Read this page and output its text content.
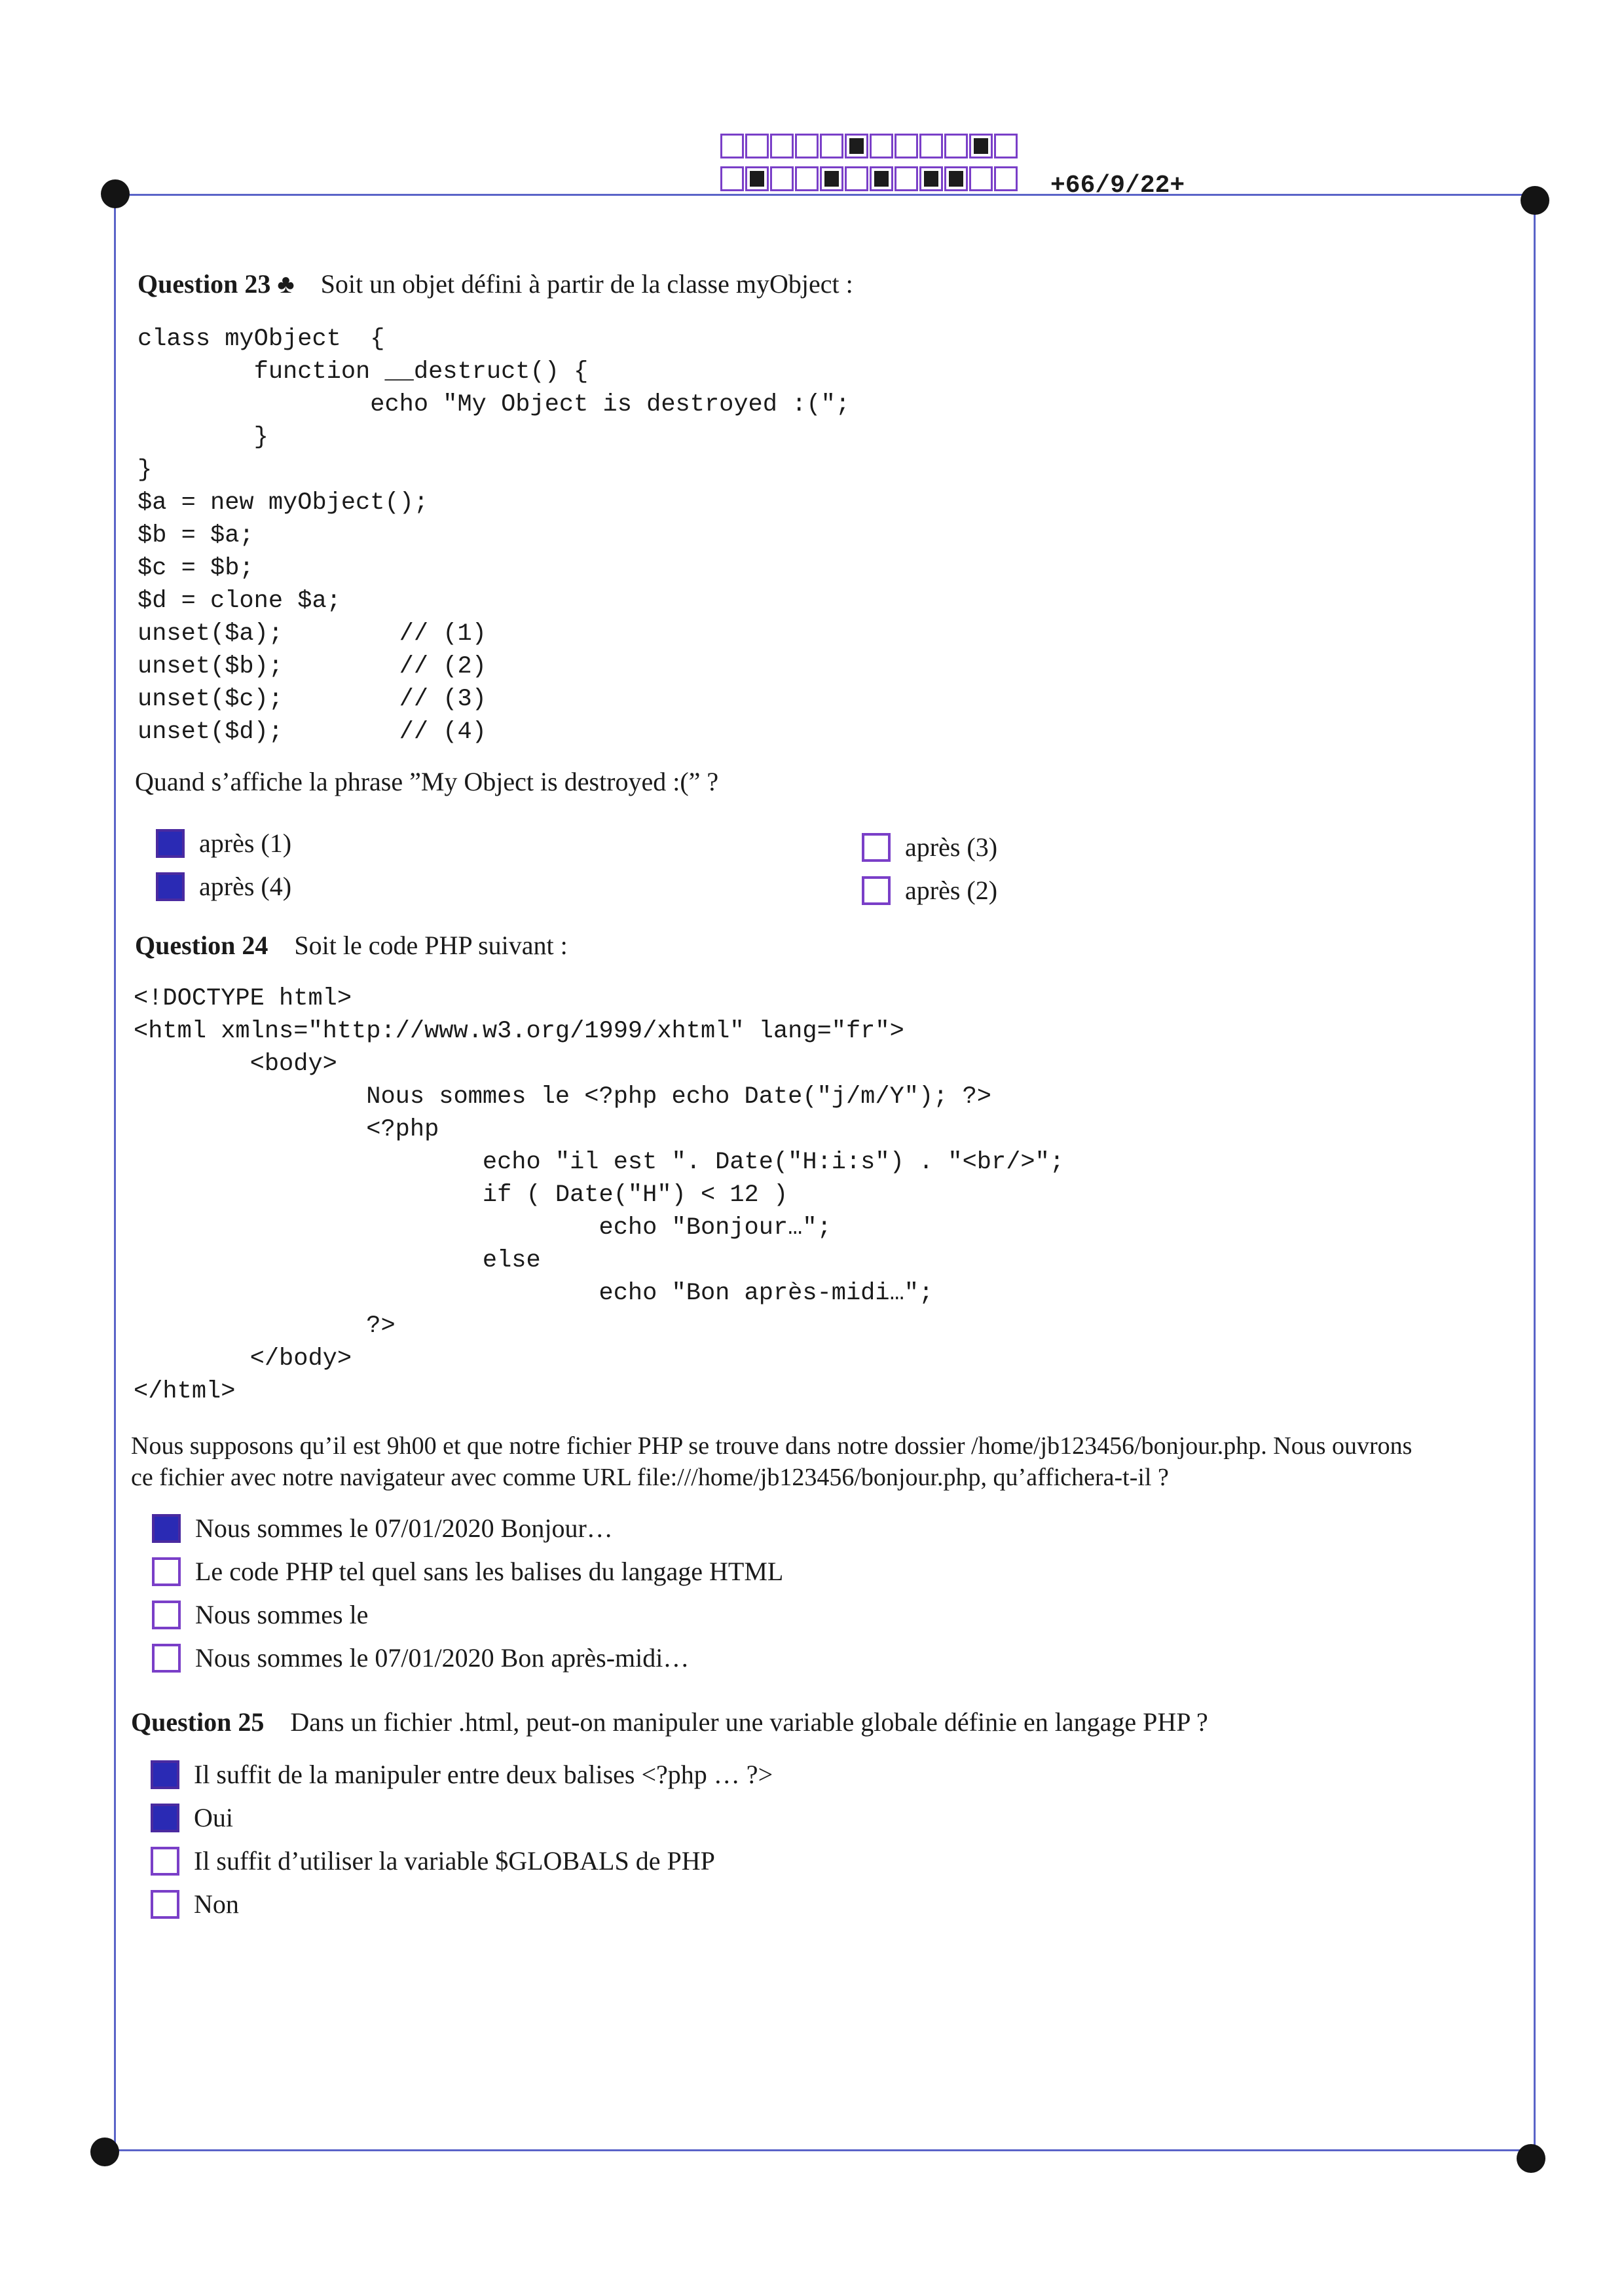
+66/9/22+
Question 23 ♣ Soit un objet défini à partir de la classe myObject :
class myObject  {
function __destruct() {
echo "My Object is destroyed :(";
}
}
$a = new myObject();
$b = $a;
$c = $b;
$d = clone $a;
unset($a);        // (1)
unset($b);        // (2)
unset($c);        // (3)
unset($d);        // (4)
Quand s’affiche la phrase ”My Object is destroyed :(” ?
après (1)
après (4)
après (3)
après (2)
Question 24 Soit le code PHP suivant :
<!DOCTYPE html>
<html xmlns="http://www.w3.org/1999/xhtml" lang="fr">
<body>
Nous sommes le <?php echo Date("j/m/Y"); ?>
<?php
echo "il est ". Date("H:i:s") . "<br/>";
if ( Date("H") < 12 )
echo "Bonjour…";
else
echo "Bon après-midi…";
?>
</body>
</html>
Nous supposons qu’il est 9h00 et que notre fichier PHP se trouve dans notre dossier /home/jb123456/bonjour.php. Nous ouvrons
ce fichier avec notre navigateur avec comme URL file:///home/jb123456/bonjour.php, qu’affichera-t-il ?
Nous sommes le 07/01/2020 Bonjour…
Le code PHP tel quel sans les balises du langage HTML
Nous sommes le
Nous sommes le 07/01/2020 Bon après-midi…
Question 25 Dans un fichier .html, peut-on manipuler une variable globale définie en langage PHP ?
Il suffit de la manipuler entre deux balises <?php … ?>
Oui
Il suffit d’utiliser la variable $GLOBALS de PHP
Non
